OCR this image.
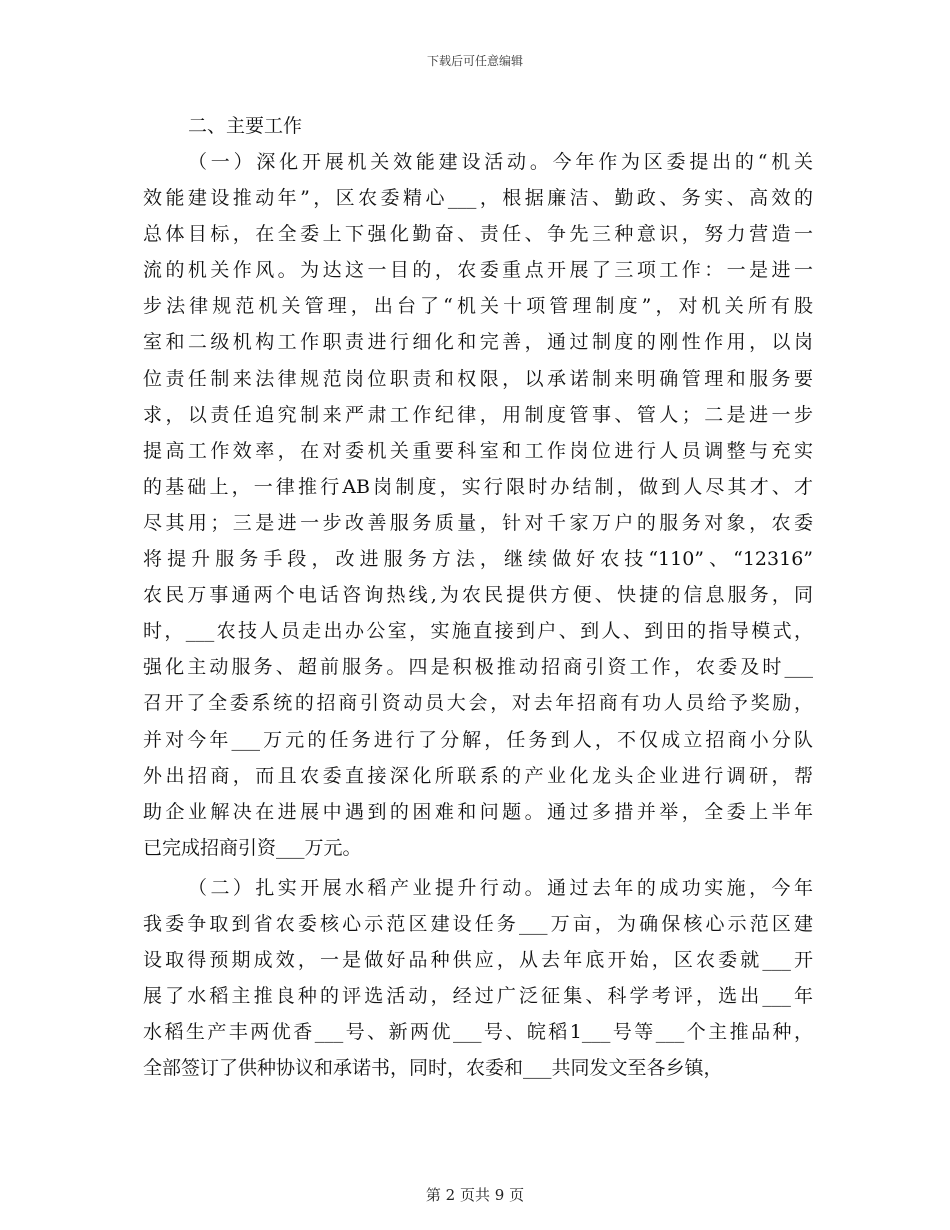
下载后可任意编辑
二、主要工作
（一）深化开展机关效能建设活动。今年作为区委提出的“机关
效能建设推动年”，区农委精心___，根据廉洁、勤政、务实、高效的
总体目标，在全委上下强化勤奋、责任、争先三种意识，努力营造一
流的机关作风。为达这一目的，农委重点开展了三项工作：一是进一
步法律规范机关管理，出台了“机关十项管理制度”，对机关所有股
室和二级机构工作职责进行细化和完善，通过制度的刚性作用，以岗
位责任制来法律规范岗位职责和权限，以承诺制来明确管理和服务要
求，以责任追究制来严肃工作纪律，用制度管事、管人；二是进一步
提高工作效率，在对委机关重要科室和工作岗位进行人员调整与充实
的基础上，一律推行AB岗制度，实行限时办结制，做到人尽其才、才
尽其用；三是进一步改善服务质量，针对千家万户的服务对象，农委
将提升服务手段，改进服务方法，继续做好农技“110”、“12316”
农民万事通两个电话咨询热线,为农民提供方便、快捷的信息服务，同
时，___农技人员走出办公室，实施直接到户、到人、到田的指导模式，
强化主动服务、超前服务。四是积极推动招商引资工作，农委及时___
召开了全委系统的招商引资动员大会，对去年招商有功人员给予奖励，
并对今年___万元的任务进行了分解，任务到人，不仅成立招商小分队
外出招商，而且农委直接深化所联系的产业化龙头企业进行调研，帮
助企业解决在进展中遇到的困难和问题。通过多措并举，全委上半年
已完成招商引资___万元。
（二）扎实开展水稻产业提升行动。通过去年的成功实施，今年
我委争取到省农委核心示范区建设任务___万亩，为确保核心示范区建
设取得预期成效，一是做好品种供应，从去年底开始，区农委就___开
展了水稻主推良种的评选活动，经过广泛征集、科学考评，选出___年
水稻生产丰两优香___号、新两优___号、皖稻1___号等___个主推品种，
全部签订了供种协议和承诺书，同时，农委和___共同发文至各乡镇，
第 2 页共 9 页
